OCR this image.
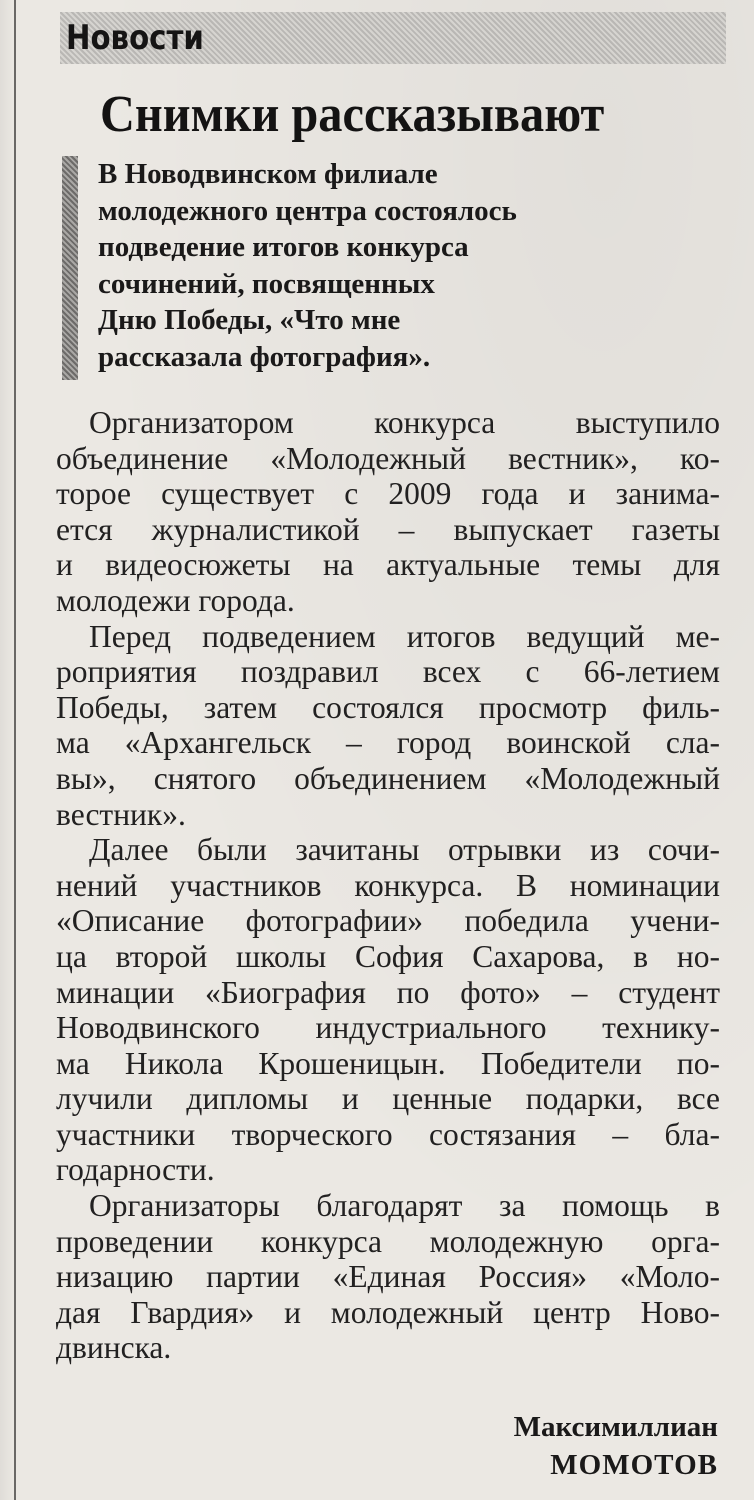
Новости
Снимки рассказывают
В Новодвинском филиале
молодежного центра состоялось
подведение итогов конкурса
сочинений, посвященных
Дню Победы, «Что мне
рассказала фотография».

Организатором конкурса выступило
объединение «Молодежный вестник», ко-
торое существует с 2009 года и занима-
ется журналистикой – выпускает газеты
и видеосюжеты на актуальные темы для
молодежи города.

Перед подведением итогов ведущий ме-
роприятия поздравил всех с 66-летием
Победы, затем состоялся просмотр филь-
ма «Архангельск – город воинской сла-
вы», снятого объединением «Молодежный
вестник».

Далее были зачитаны отрывки из сочи-
нений участников конкурса. В номинации
«Описание фотографии» победила учени-
ца второй школы София Сахарова, в но-
минации «Биография по фото» – студент
Новодвинского индустриального технику-
ма Никола Крошеницын. Победители по-
лучили дипломы и ценные подарки, все
участники творческого состязания – бла-
годарности.

Организаторы благодарят за помощь в
проведении конкурса молодежную орга-
низацию партии «Единая Россия» «Моло-
дая Гвардия» и молодежный центр Ново-
двинска.

Максимиллиан
МОМОТОВ
